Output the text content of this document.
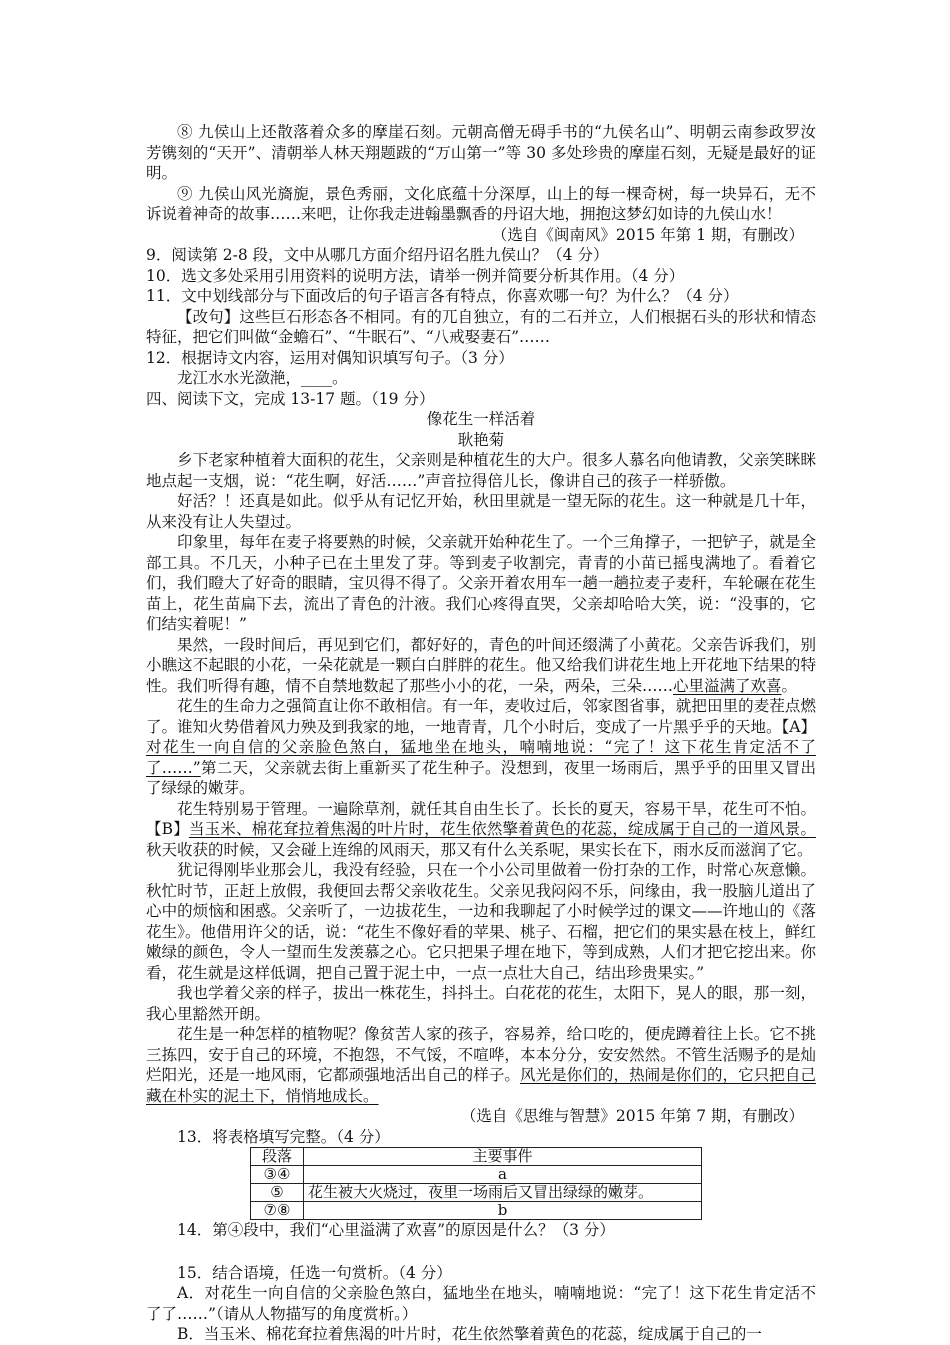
⑧ 九侯山上还散落着众多的摩崖石刻。元朝高僧无碍手书的“九侯名山”、明朝云南参政罗汝芳镌刻的“天开”、清朝举人林天翔题跋的“万山第一”等 30 多处珍贵的摩崖石刻，无疑是最好的证明。

⑨ 九侯山风光旖旎，景色秀丽，文化底蕴十分深厚，山上的每一棵奇树，每一块异石，无不诉说着神奇的故事……来吧，让你我走进翰墨飘香的丹诏大地，拥抱这梦幻如诗的九侯山水！

（选自《闽南风》2015 年第 1 期，有删改）

9．阅读第 2-8 段，文中从哪几方面介绍丹诏名胜九侯山？（4 分）

10．选文多处采用引用资料的说明方法，请举一例并简要分析其作用。（4 分）

11．文中划线部分与下面改后的句子语言各有特点，你喜欢哪一句？为什么？（4 分）

【改句】这些巨石形态各不相同。有的兀自独立，有的二石并立，人们根据石头的形状和情态特征，把它们叫做“金蟾石”、“牛眠石”、“八戒娶妻石”……

12．根据诗文内容，运用对偶知识填写句子。（3 分）

龙江水水光潋滟，____。

四、阅读下文，完成 13-17 题。（19 分）

像花生一样活着

耿艳菊

乡下老家种植着大面积的花生，父亲则是种植花生的大户。很多人慕名向他请教，父亲笑眯眯地点起一支烟，说：“花生啊，好活……”声音拉得倍儿长，像讲自己的孩子一样骄傲。

好活？！还真是如此。似乎从有记忆开始，秋田里就是一望无际的花生。这一种就是几十年，从来没有让人失望过。

印象里，每年在麦子将要熟的时候，父亲就开始种花生了。一个三角撑子，一把铲子，就是全部工具。不几天，小种子已在土里发了芽。等到麦子收割完，青青的小苗已摇曳满地了。看着它们，我们瞪大了好奇的眼睛，宝贝得不得了。父亲开着农用车一趟一趟拉麦子麦秆，车轮碾在花生苗上，花生苗扁下去，流出了青色的汁液。我们心疼得直哭，父亲却哈哈大笑，说：“没事的，它们结实着呢！”

果然，一段时间后，再见到它们，都好好的，青色的叶间还缀满了小黄花。父亲告诉我们，别小瞧这不起眼的小花，一朵花就是一颗白白胖胖的花生。他又给我们讲花生地上开花地下结果的特性。我们听得有趣，情不自禁地数起了那些小小的花，一朵，两朵，三朵……心里溢满了欢喜。

花生的生命力之强简直让你不敢相信。有一年，麦收过后，邻家图省事，就把田里的麦茬点燃了。谁知火势借着风力殃及到我家的地，一地青青，几个小时后，变成了一片黑乎乎的天地。【A】对花生一向自信的父亲脸色煞白，猛地坐在地头，喃喃地说：“完了！这下花生肯定活不了了……”第二天，父亲就去街上重新买了花生种子。没想到，夜里一场雨后，黑乎乎的田里又冒出了绿绿的嫩芽。

花生特别易于管理。一遍除草剂，就任其自由生长了。长长的夏天，容易干旱，花生可不怕。【B】当玉米、棉花耷拉着焦渴的叶片时，花生依然擎着黄色的花蕊，绽成属于自己的一道风景。秋天收获的时候，又会碰上连绵的风雨天，那又有什么关系呢，果实长在下，雨水反而滋润了它。

犹记得刚毕业那会儿，我没有经验，只在一个小公司里做着一份打杂的工作，时常心灰意懒。秋忙时节，正赶上放假，我便回去帮父亲收花生。父亲见我闷闷不乐，问缘由，我一股脑儿道出了心中的烦恼和困惑。父亲听了，一边拔花生，一边和我聊起了小时候学过的课文——许地山的《落花生》。他借用许父的话，说：“花生不像好看的苹果、桃子、石榴，把它们的果实悬在枝上，鲜红嫩绿的颜色，令人一望而生发羡慕之心。它只把果子埋在地下，等到成熟，人们才把它挖出来。你看，花生就是这样低调，把自己置于泥土中，一点一点壮大自己，结出珍贵果实。”

我也学着父亲的样子，拔出一株花生，抖抖土。白花花的花生，太阳下，晃人的眼，那一刻，我心里豁然开朗。

花生是一种怎样的植物呢？像贫苦人家的孩子，容易养，给口吃的，便虎蹲着往上长。它不挑三拣四，安于自己的环境，不抱怨，不气馁，不喧哗，本本分分，安安然然。不管生活赐予的是灿烂阳光，还是一地风雨，它都顽强地活出自己的样子。风光是你们的，热闹是你们的，它只把自己藏在朴实的泥土下，悄悄地成长。

（选自《思维与智慧》2015 年第 7 期，有删改）

13．将表格填写完整。（4 分）

段落	主要事件
③④	a
⑤	花生被大火烧过，夜里一场雨后又冒出绿绿的嫩芽。
⑦⑧	b

14．第④段中，我们“心里溢满了欢喜”的原因是什么？（3 分）

15．结合语境，任选一句赏析。（4 分）

A．对花生一向自信的父亲脸色煞白，猛地坐在地头，喃喃地说：“完了！这下花生肯定活不了了……”（请从人物描写的角度赏析。）

B．当玉米、棉花耷拉着焦渴的叶片时，花生依然擎着黄色的花蕊，绽成属于自己的一
